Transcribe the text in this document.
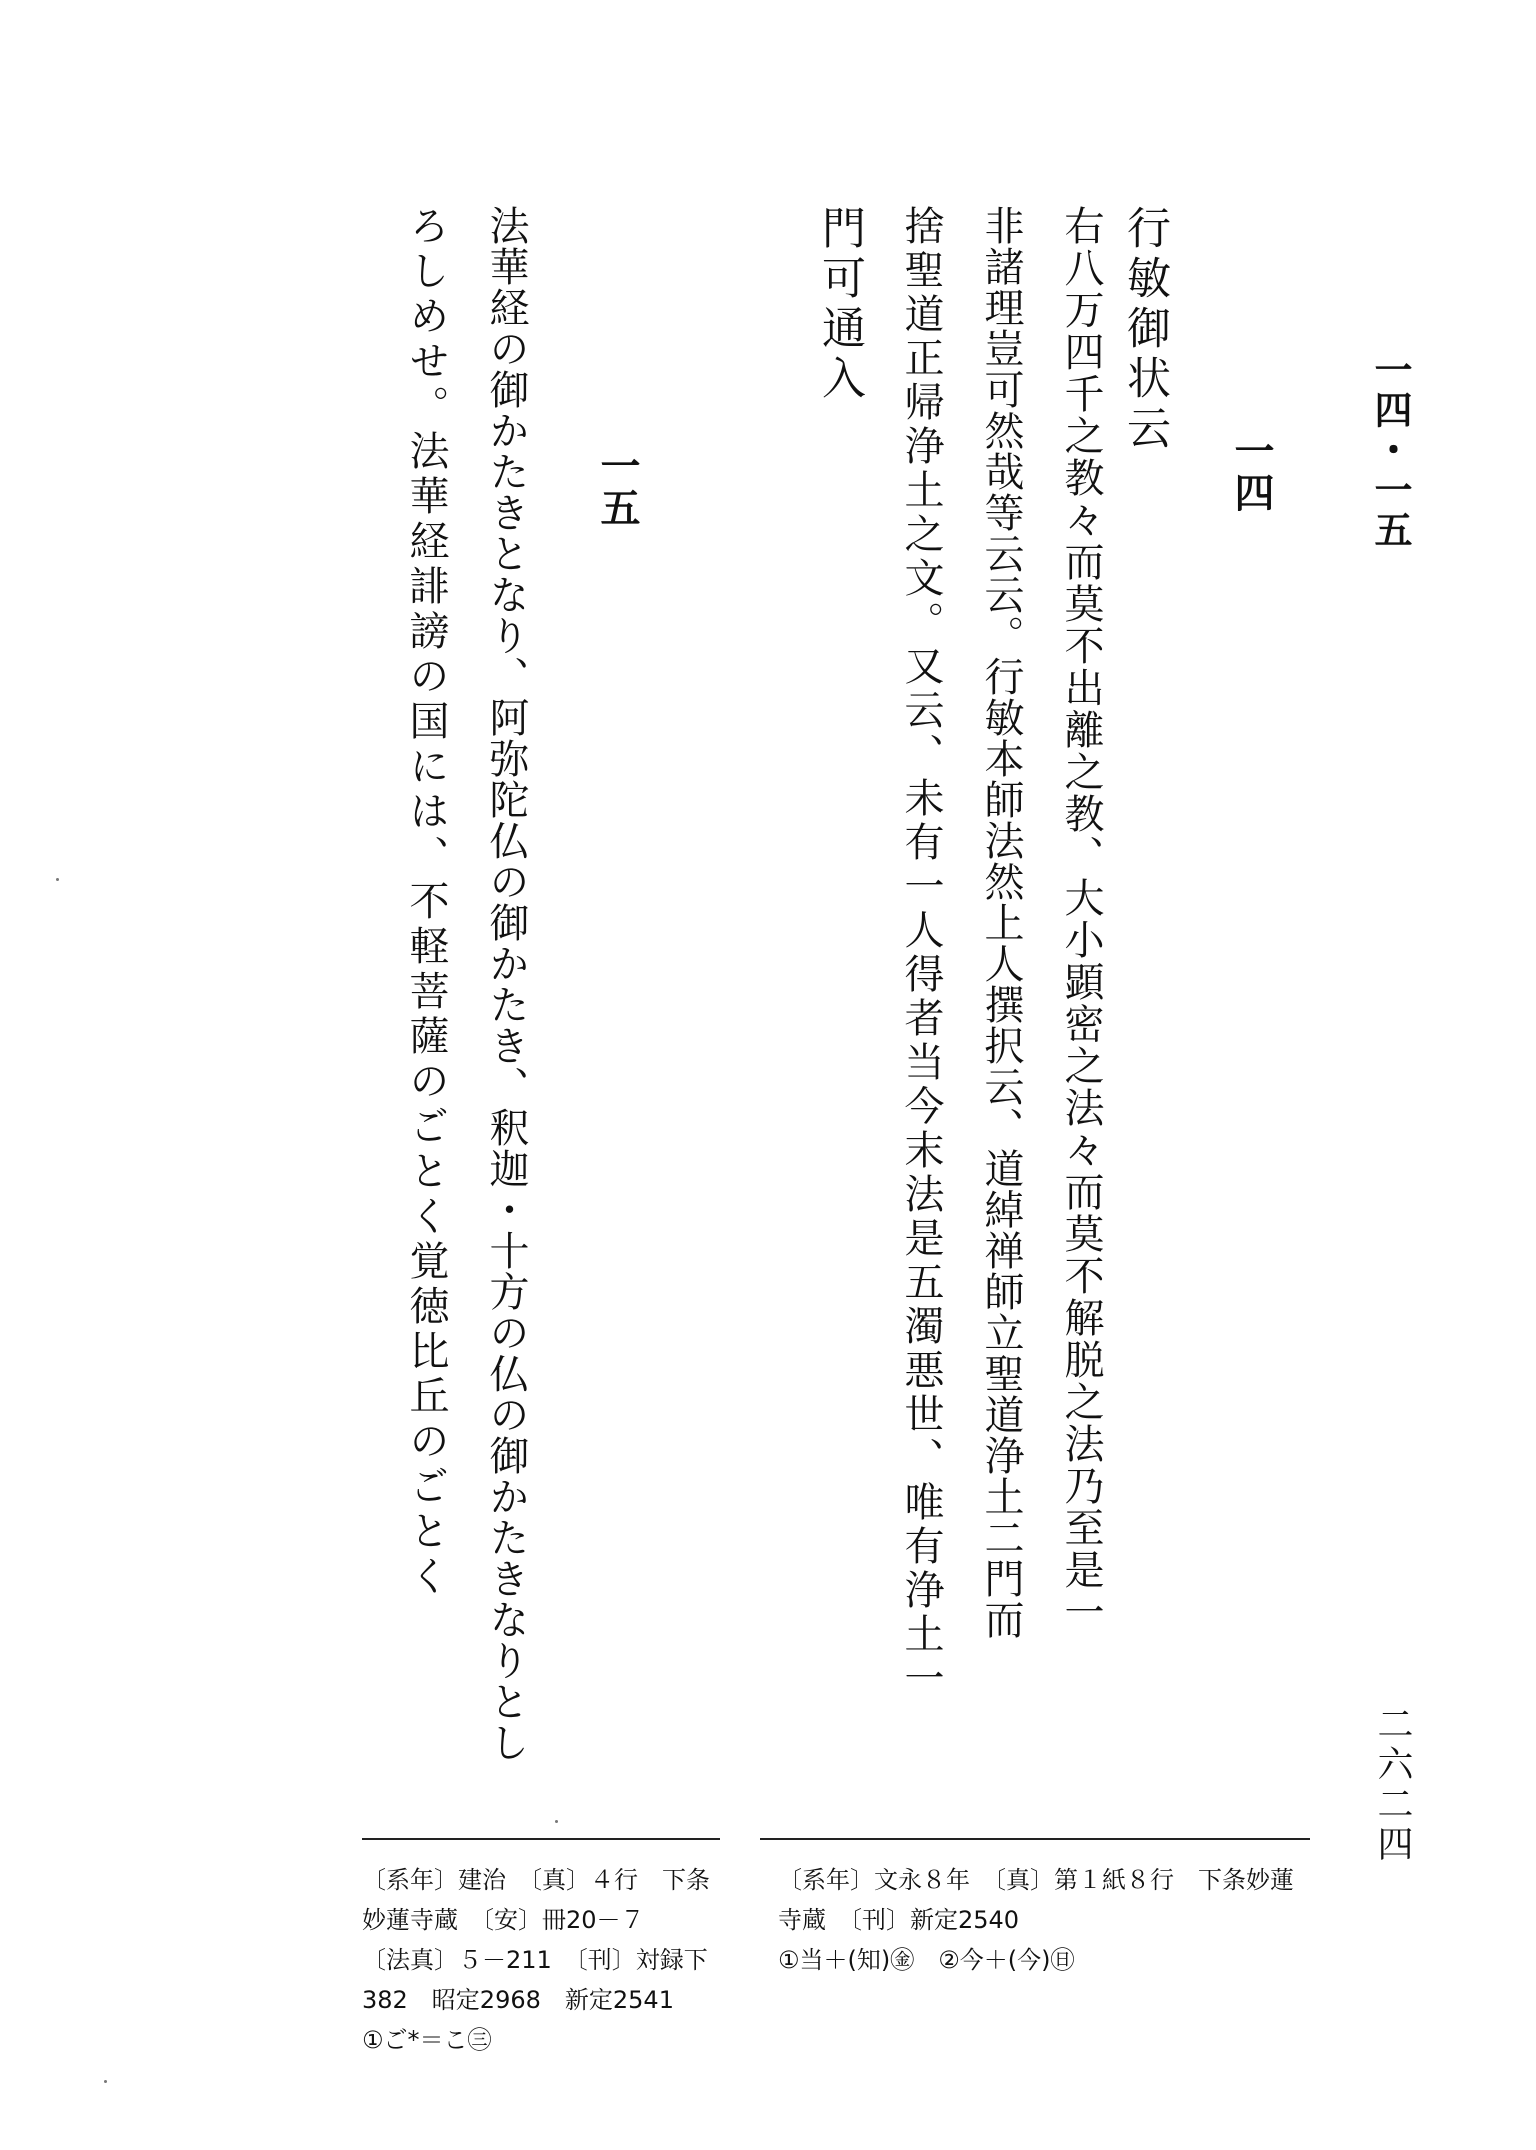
一四・一五
二六二四
一四
行敏御状云
右八万四千之教々而莫不出離之教、大小顕密之法々而莫不解脱之法乃至是一
非諸理豈可然哉等云云。行敏本師法然上人撰択云、道綽禅師立聖道浄土二門而
捨聖道正帰浄土之文。又云、未有一人得者当今末法是五濁悪世、唯有浄土一
門可通入
一五
法華経の御かたきとなり、阿弥陀仏の御かたき、釈迦・十方の仏の御かたきなりとし
ろしめせ。法華経誹謗の国には、不軽菩薩のごとく覚徳比丘のごとく
〔系年〕文永８年　〔真〕第１紙８行　下条妙蓮
寺蔵　〔刊〕新定2540
①当＋(知)㊎　②今＋(今)㊐
〔系年〕建治　〔真〕４行　下条
妙蓮寺蔵　〔安〕冊20－７
〔法真〕５－211　〔刊〕対録下
382　昭定2968　新定2541
①ご*＝こ㊂
